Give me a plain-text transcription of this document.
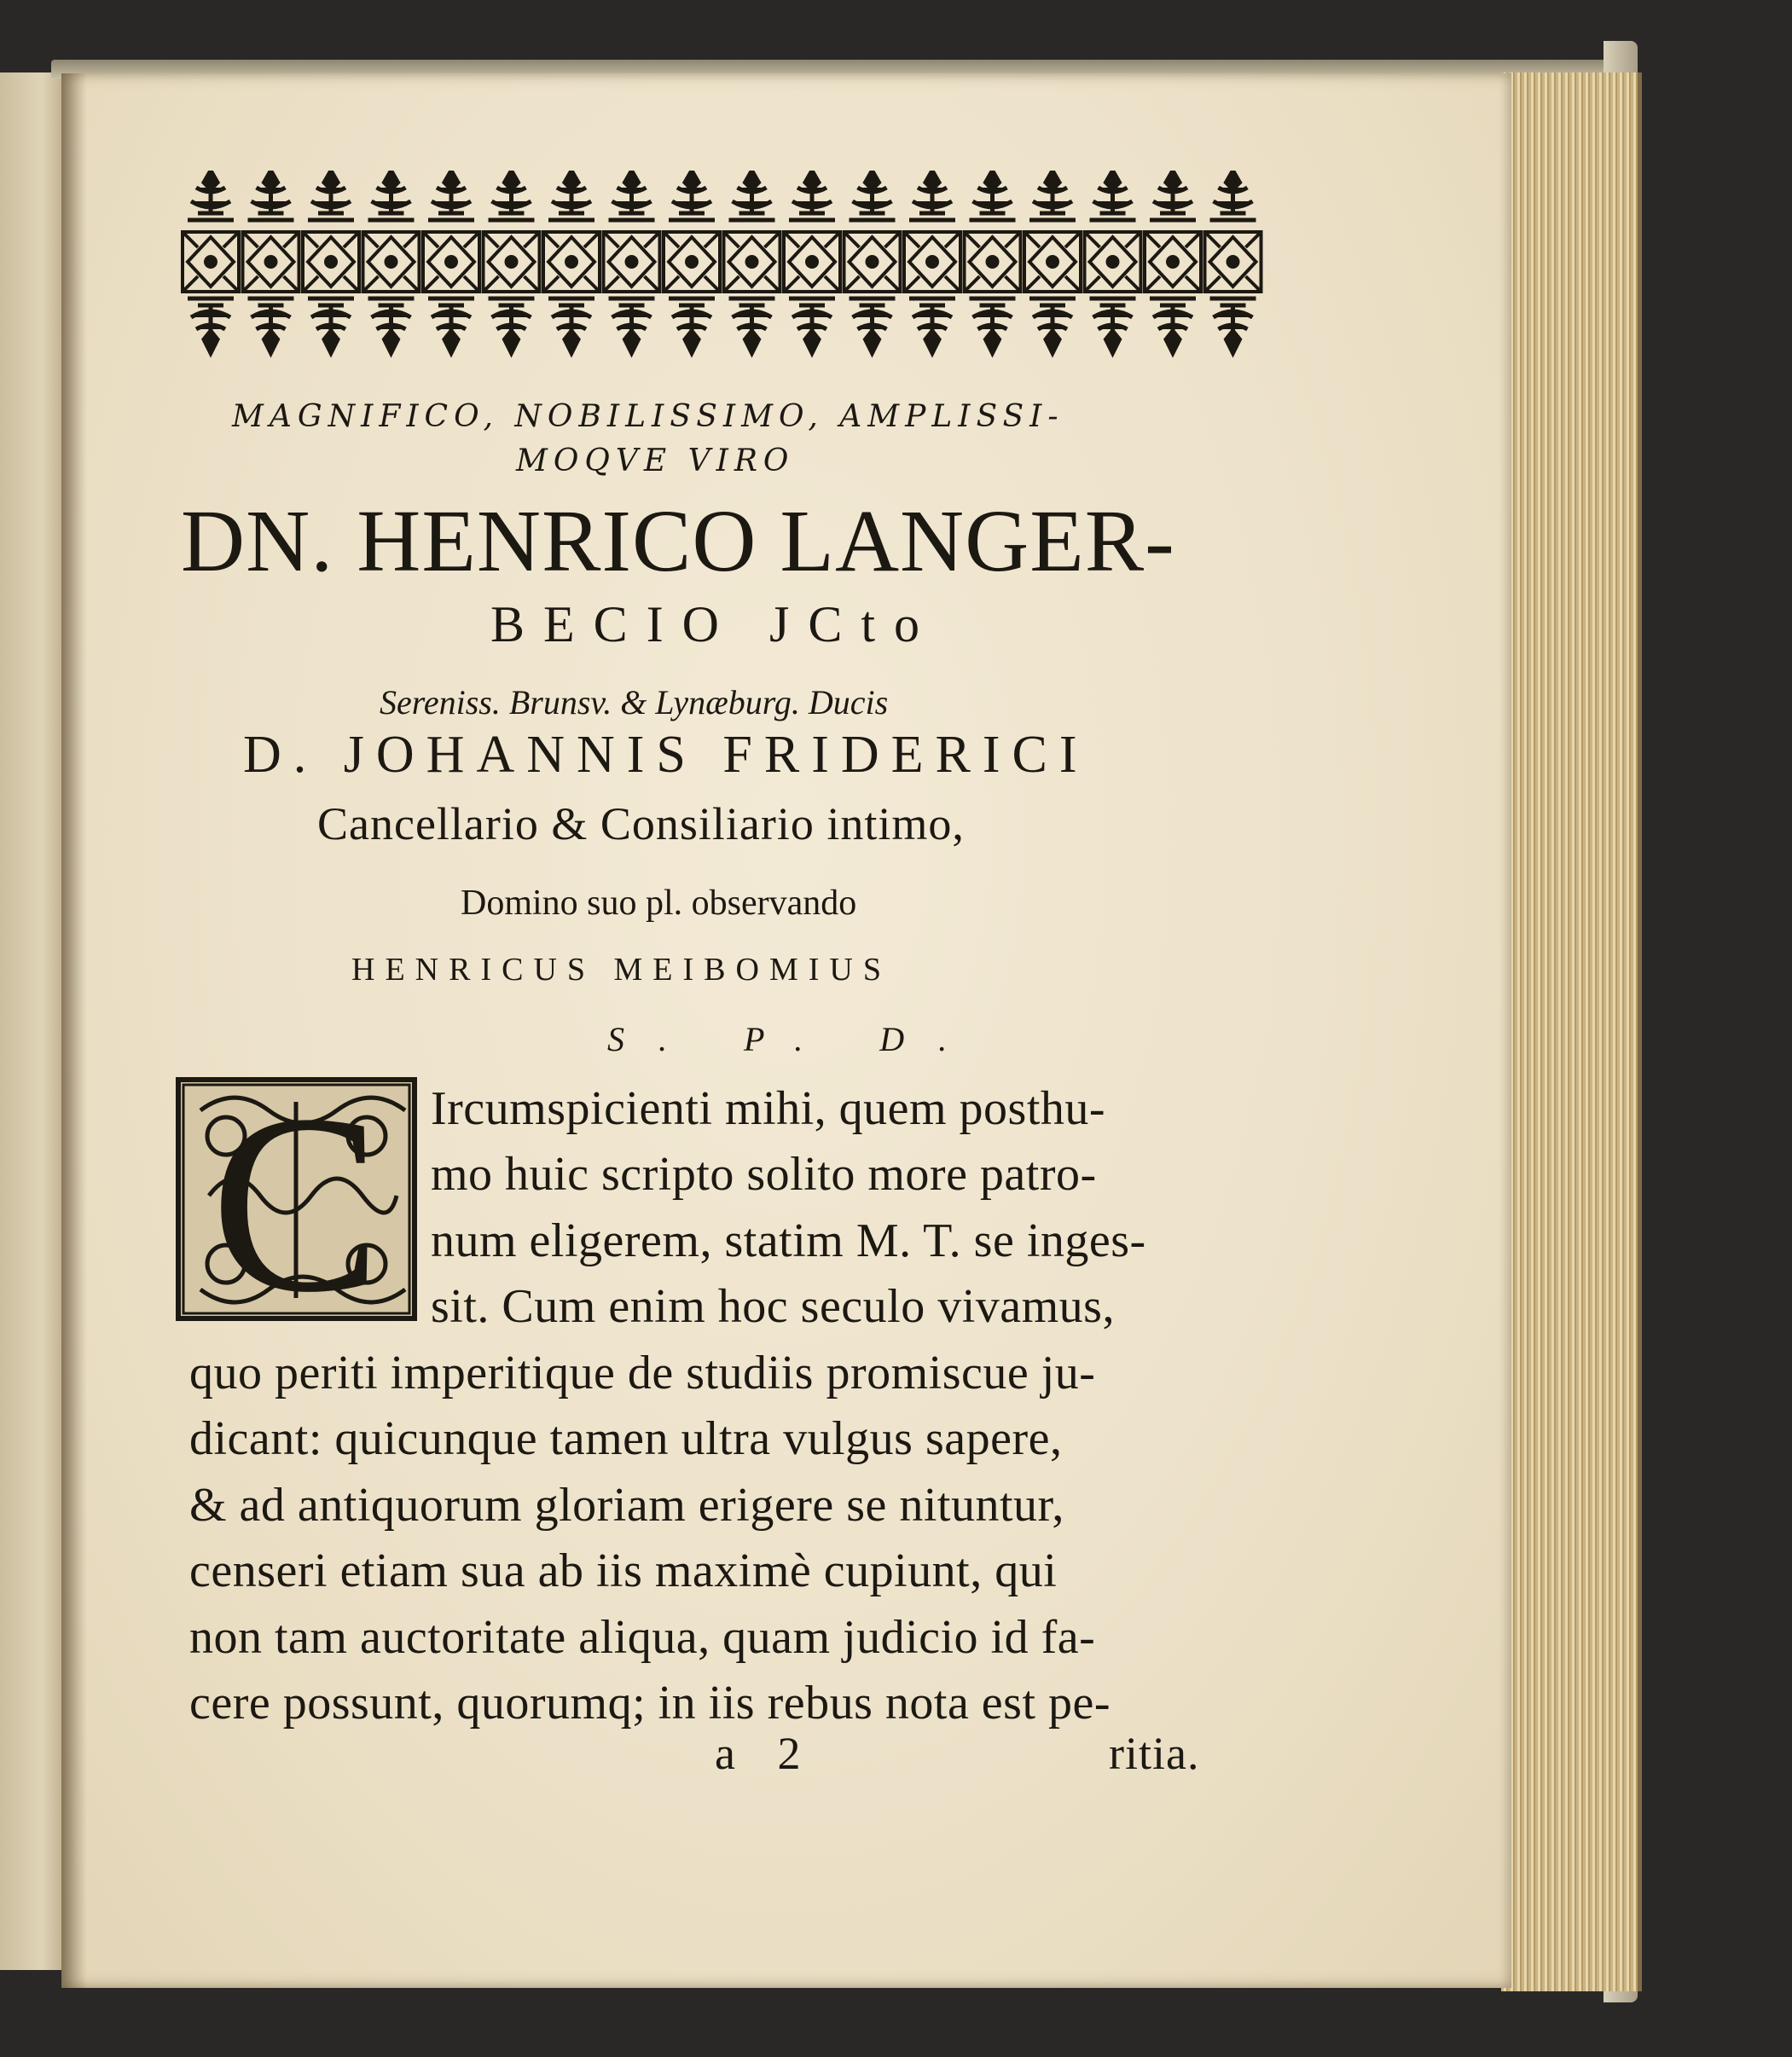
MAGNIFICO, NOBILISSIMO, AMPLISSI-
MOQVE VIRO
DN. HENRICO LANGER-
BECIO JCto
Sereniss. Brunsv. & Lynæburg. Ducis
D. JOHANNIS FRIDERICI
Cancellario & Consiliario intimo,
Domino suo pl. observando
HENRICUS MEIBOMIUS
S. P. D.
C Ircumspicienti mihi, quem posthu-
mo huic scripto solito more patro-
num eligerem, statim M. T. se inges-
sit. Cum enim hoc seculo vivamus,
quo periti imperitique de studiis promiscue ju-
dicant: quicunque tamen ultra vulgus sapere,
& ad antiquorum gloriam erigere se nituntur,
censeri etiam sua ab iis maximè cupiunt, qui
non tam auctoritate aliqua, quam judicio id fa-
cere possunt, quorumq; in iis rebus nota est pe-
a 2	ritia.
